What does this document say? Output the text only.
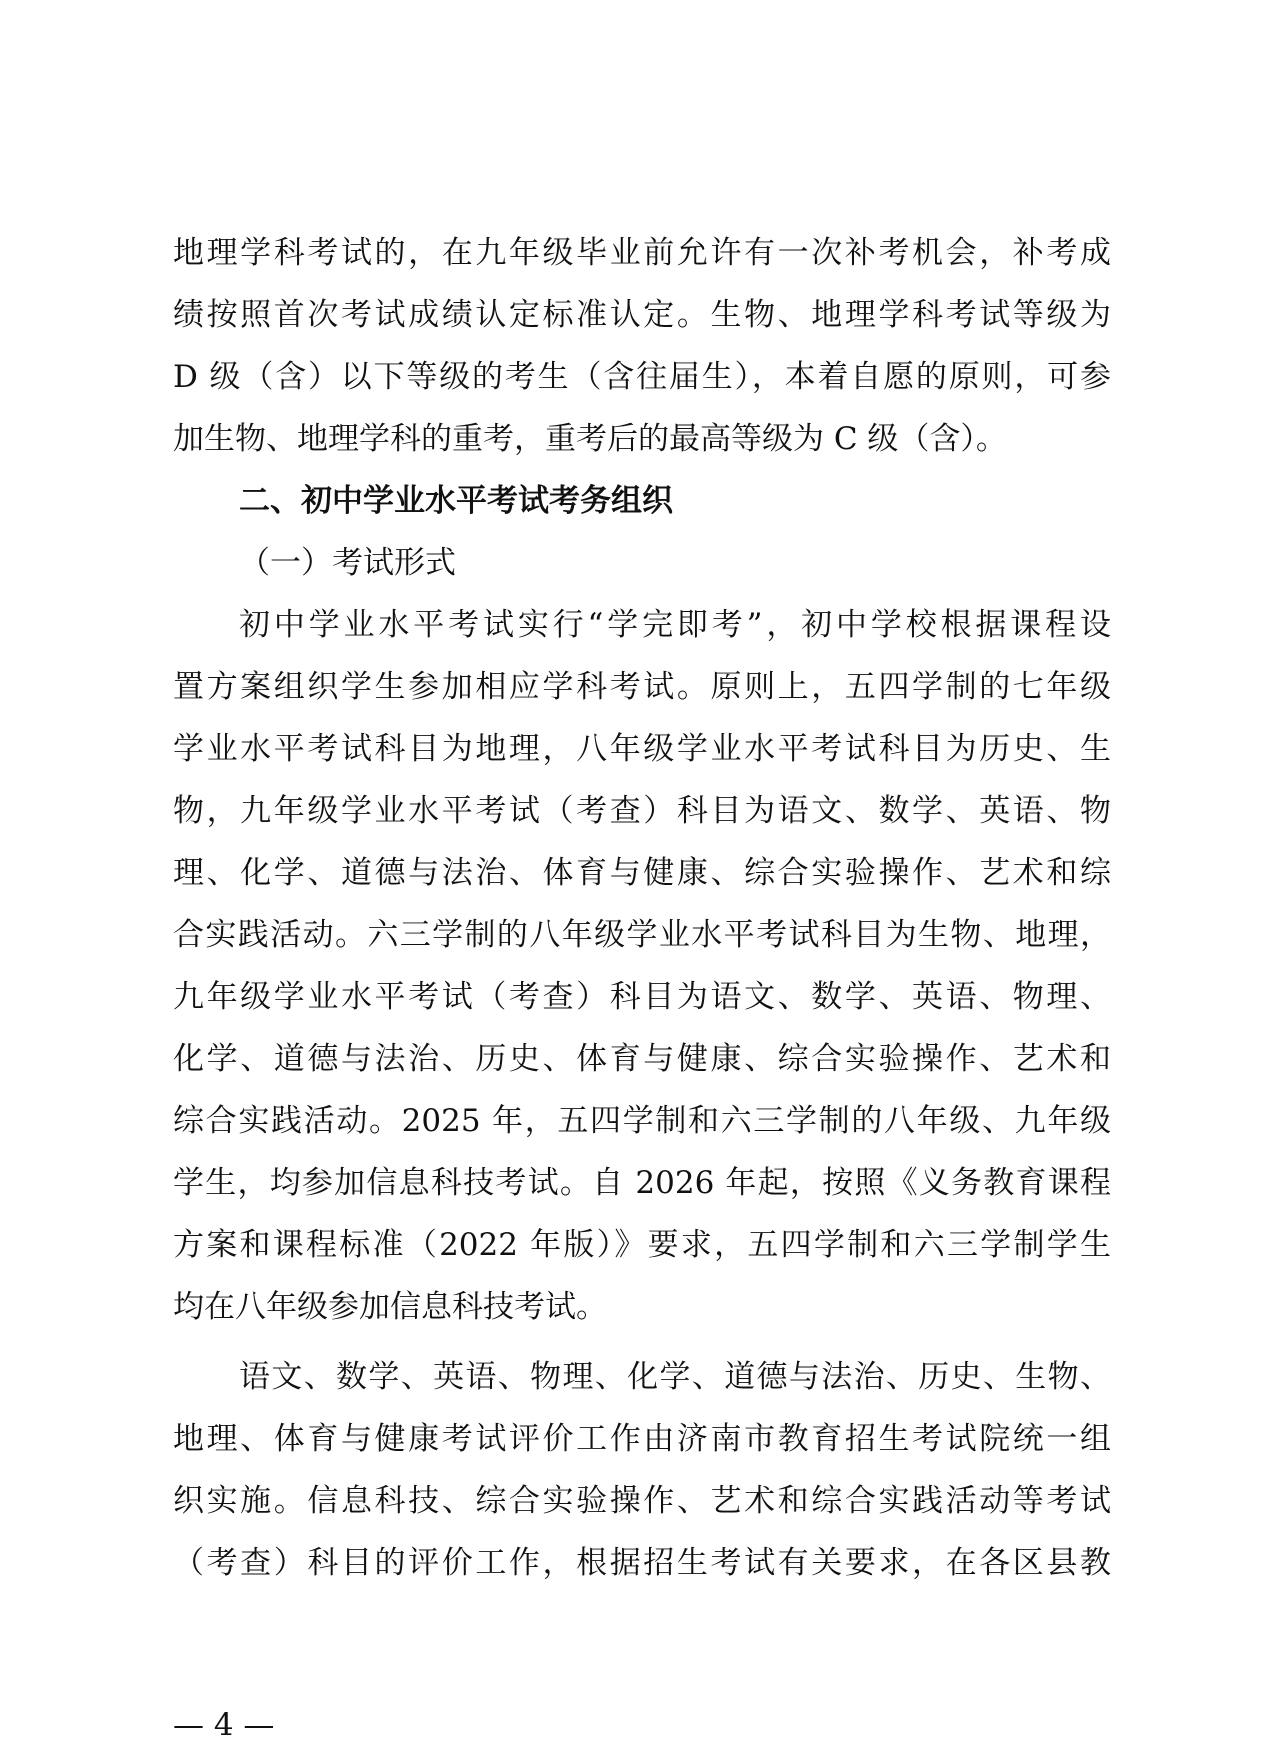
地理学科考试的，在九年级毕业前允许有一次补考机会，补考成
绩按照首次考试成绩认定标准认定。生物、地理学科考试等级为
D 级（含）以下等级的考生（含往届生），本着自愿的原则，可参
加生物、地理学科的重考，重考后的最高等级为 C 级（含）。
二、初中学业水平考试考务组织
（一）考试形式
初中学业水平考试实行“学完即考”，初中学校根据课程设
置方案组织学生参加相应学科考试。原则上，五四学制的七年级
学业水平考试科目为地理，八年级学业水平考试科目为历史、生
物，九年级学业水平考试（考查）科目为语文、数学、英语、物
理、化学、道德与法治、体育与健康、综合实验操作、艺术和综
合实践活动。六三学制的八年级学业水平考试科目为生物、地理，
九年级学业水平考试（考查）科目为语文、数学、英语、物理、
化学、道德与法治、历史、体育与健康、综合实验操作、艺术和
综合实践活动。2025 年，五四学制和六三学制的八年级、九年级
学生，均参加信息科技考试。自 2026 年起，按照《义务教育课程
方案和课程标准（2022 年版）》要求，五四学制和六三学制学生
均在八年级参加信息科技考试。
语文、数学、英语、物理、化学、道德与法治、历史、生物、
地理、体育与健康考试评价工作由济南市教育招生考试院统一组
织实施。信息科技、综合实验操作、艺术和综合实践活动等考试
（考查）科目的评价工作，根据招生考试有关要求，在各区县教
— 4 —
